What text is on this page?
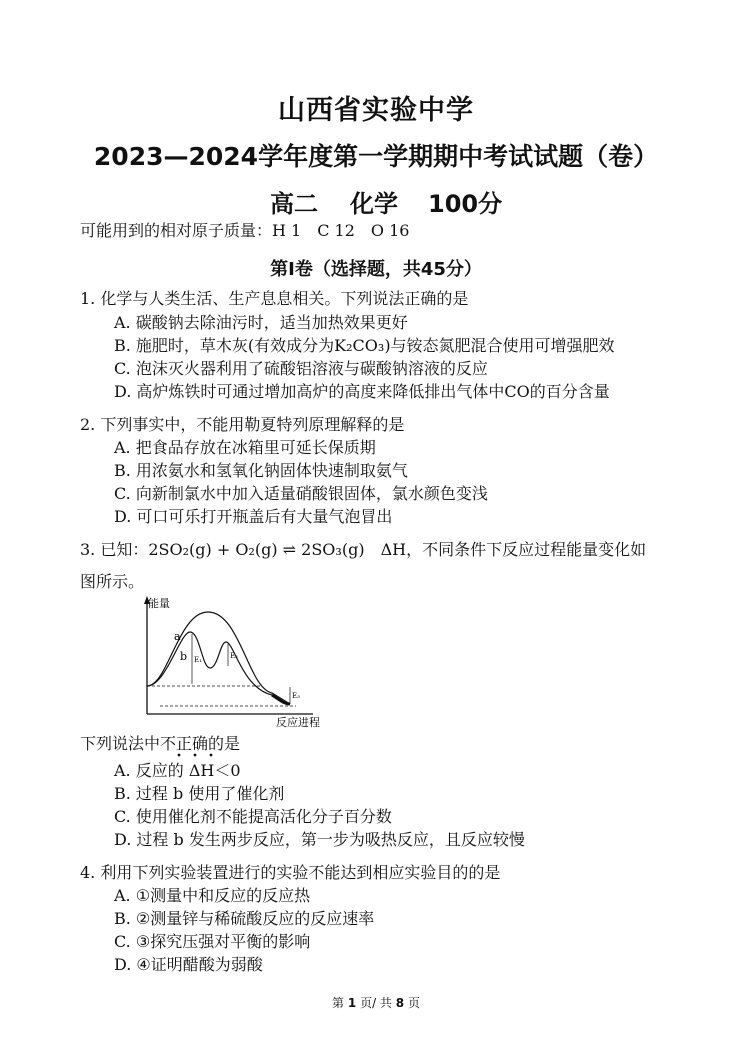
山西省实验中学
2023—2024学年度第一学期期中考试试题（卷）
高二 化学 100分
可能用到的相对原子质量：H 1　C 12　O 16
第Ⅰ卷（选择题，共45分）
1. 化学与人类生活、生产息息相关。下列说法正确的是
A. 碳酸钠去除油污时，适当加热效果更好
B. 施肥时，草木灰(有效成分为K₂CO₃)与铵态氮肥混合使用可增强肥效
C. 泡沫灭火器利用了硫酸铝溶液与碳酸钠溶液的反应
D. 高炉炼铁时可通过增加高炉的高度来降低排出气体中CO的百分含量
2. 下列事实中，不能用勒夏特列原理解释的是
A. 把食品存放在冰箱里可延长保质期
B. 用浓氨水和氢氧化钠固体快速制取氨气
C. 向新制氯水中加入适量硝酸银固体，氯水颜色变浅
D. 可口可乐打开瓶盖后有大量气泡冒出
3. 已知：2SO₂(g) + O₂(g) ⇌ 2SO₃(g)　ΔH，不同条件下反应过程能量变化如
图所示。
能量
反应进程
a
b E₁	E₂
E₃
下列说法中不正确的是
A. 反应的 ΔH＜0
B. 过程 b 使用了催化剂
C. 使用催化剂不能提高活化分子百分数
D. 过程 b 发生两步反应，第一步为吸热反应，且反应较慢
4. 利用下列实验装置进行的实验不能达到相应实验目的的是
A. ①测量中和反应的反应热
B. ②测量锌与稀硫酸反应的反应速率
C. ③探究压强对平衡的影响
D. ④证明醋酸为弱酸
第 1 页/ 共 8 页
